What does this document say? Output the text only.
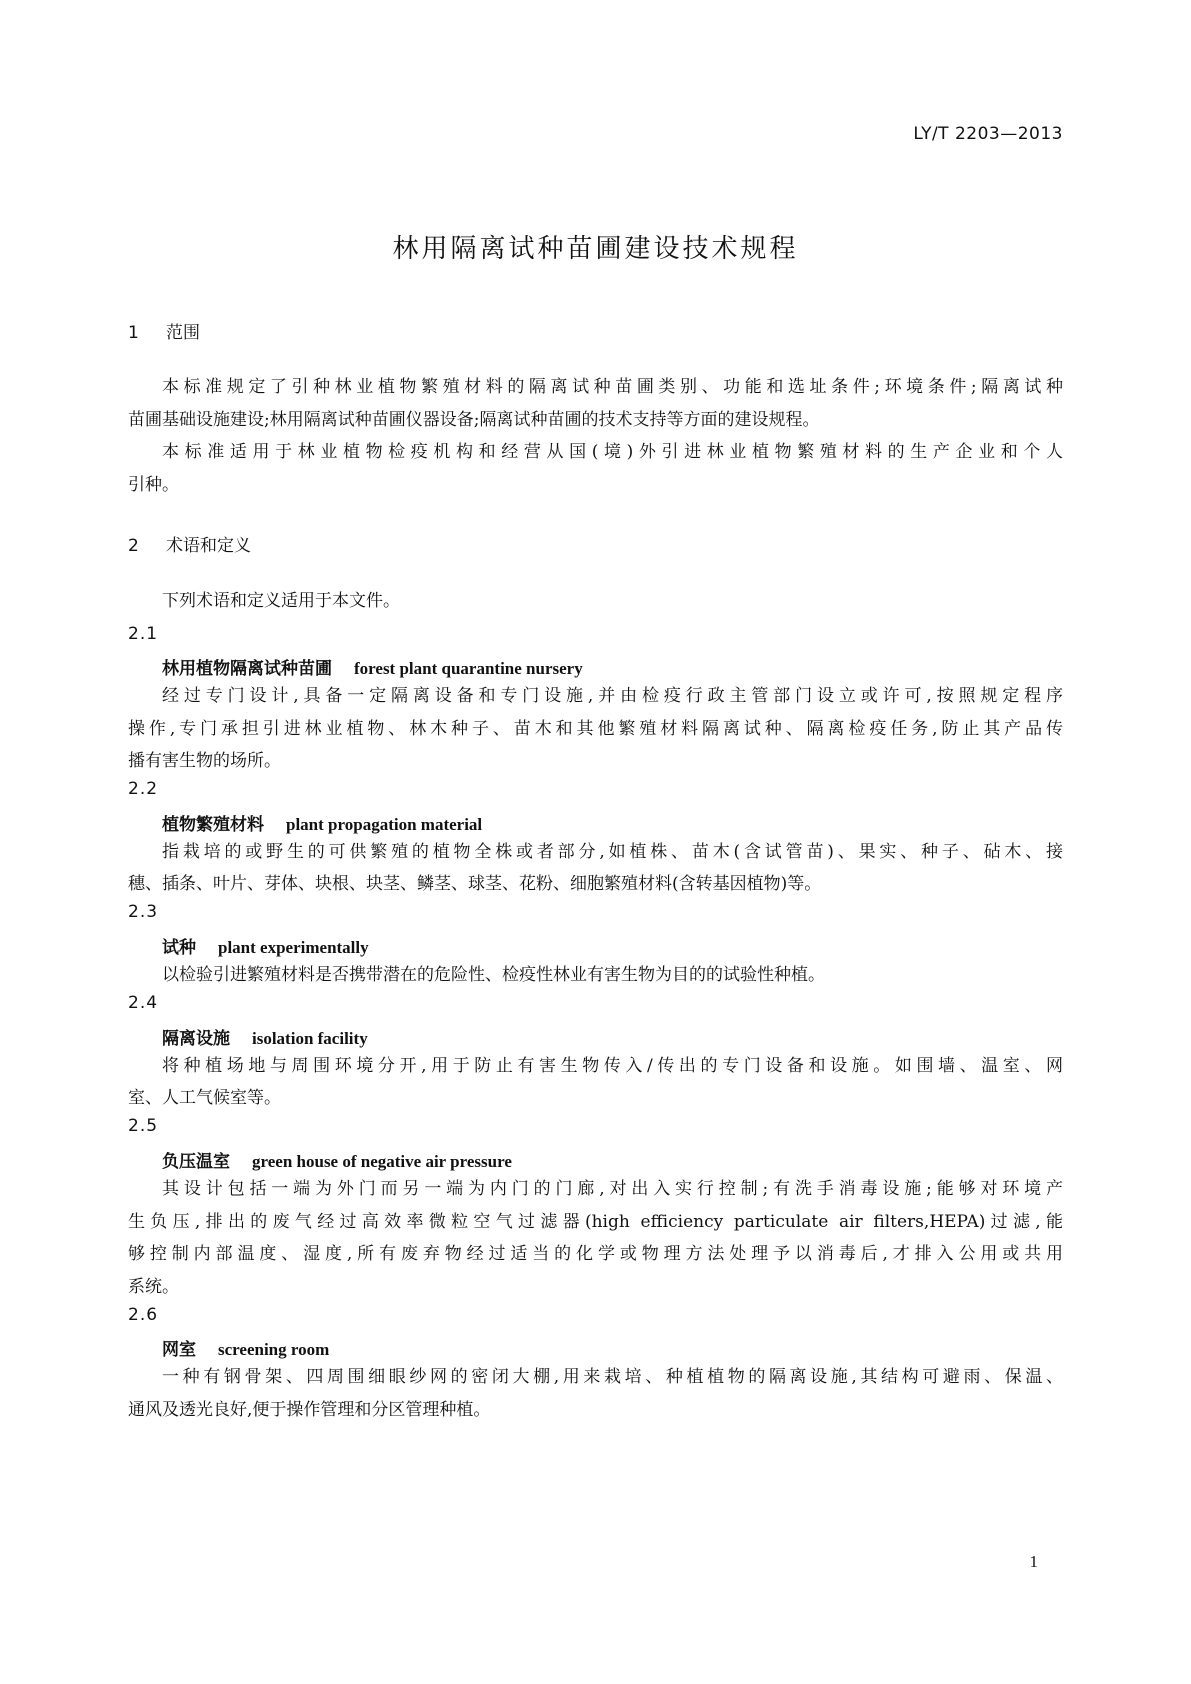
LY/T 2203—2013
林用隔离试种苗圃建设技术规程
1 范围
本标准规定了引种林业植物繁殖材料的隔离试种苗圃类别、功能和选址条件;环境条件;隔离试种
苗圃基础设施建设;林用隔离试种苗圃仪器设备;隔离试种苗圃的技术支持等方面的建设规程。
本标准适用于林业植物检疫机构和经营从国(境)外引进林业植物繁殖材料的生产企业和个人
引种。
2 术语和定义
下列术语和定义适用于本文件。
2.1
林用植物隔离试种苗圃 forest plant quarantine nursery
经过专门设计,具备一定隔离设备和专门设施,并由检疫行政主管部门设立或许可,按照规定程序
操作,专门承担引进林业植物、林木种子、苗木和其他繁殖材料隔离试种、隔离检疫任务,防止其产品传
播有害生物的场所。
2.2
植物繁殖材料 plant propagation material
指栽培的或野生的可供繁殖的植物全株或者部分,如植株、苗木(含试管苗)、果实、种子、砧木、接
穗、插条、叶片、芽体、块根、块茎、鳞茎、球茎、花粉、细胞繁殖材料(含转基因植物)等。
2.3
试种 plant experimentally
以检验引进繁殖材料是否携带潜在的危险性、检疫性林业有害生物为目的的试验性种植。
2.4
隔离设施 isolation facility
将种植场地与周围环境分开,用于防止有害生物传入/传出的专门设备和设施。如围墙、温室、网
室、人工气候室等。
2.5
负压温室 green house of negative air pressure
其设计包括一端为外门而另一端为内门的门廊,对出入实行控制;有洗手消毒设施;能够对环境产
生负压,排出的废气经过高效率微粒空气过滤器(high efficiency particulate air filters,HEPA)过滤,能
够控制内部温度、湿度,所有废弃物经过适当的化学或物理方法处理予以消毒后,才排入公用或共用
系统。
2.6
网室 screening room
一种有钢骨架、四周围细眼纱网的密闭大棚,用来栽培、种植植物的隔离设施,其结构可避雨、保温、
通风及透光良好,便于操作管理和分区管理种植。
1
